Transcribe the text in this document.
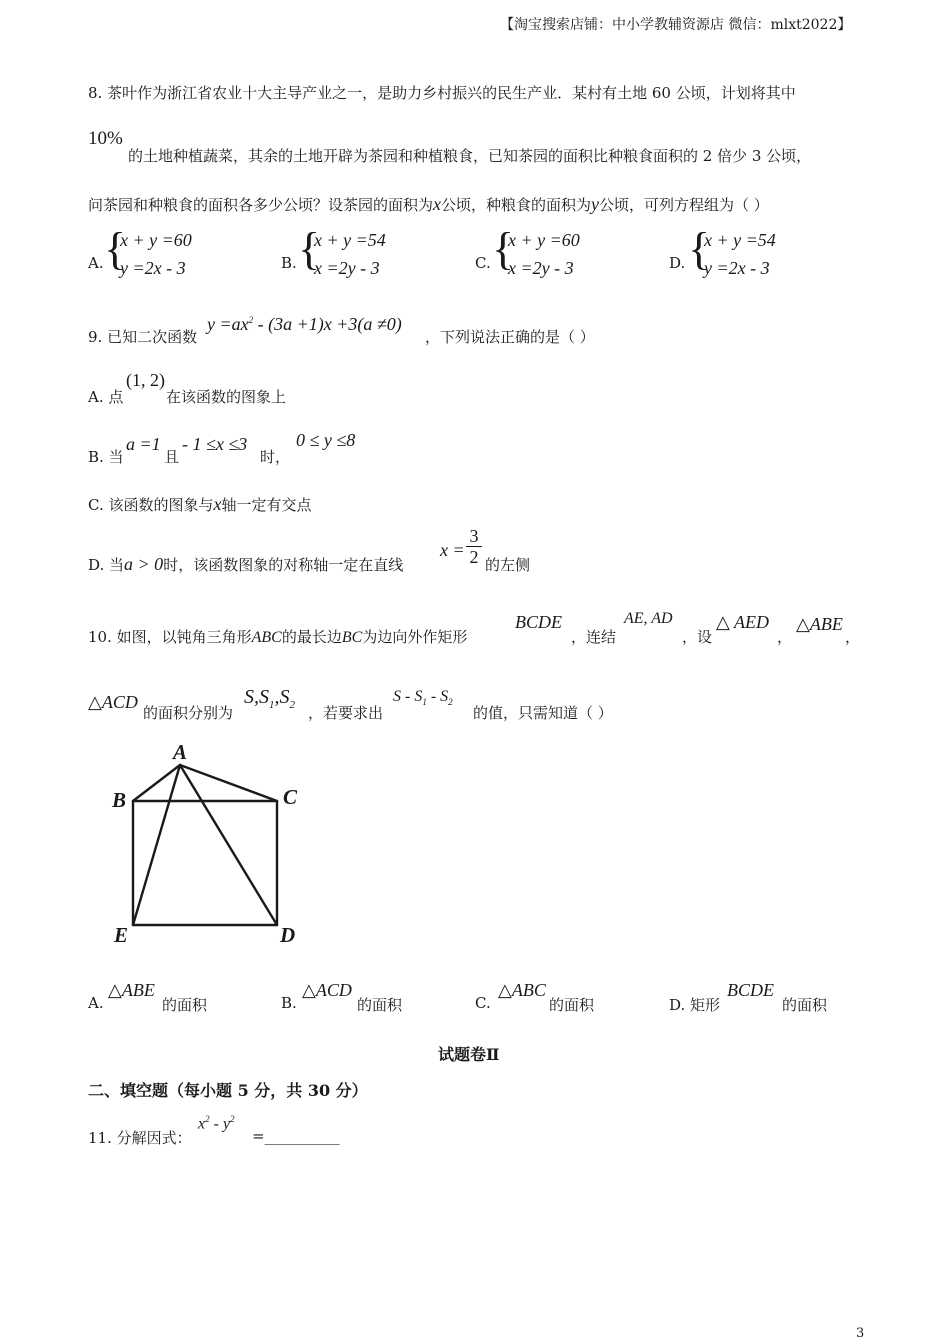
【淘宝搜索店铺：中小学教辅资源店 微信：mlxt2022】
8. 茶叶作为浙江省农业十大主导产业之一，是助力乡村振兴的民生产业．某村有土地 60 公顷，计划将其中
10%
的土地种植蔬菜，其余的土地开辟为茶园和种植粮食，已知茶园的面积比种粮食面积的 2 倍少 3 公顷，
问茶园和种粮食的面积各多少公顷？设茶园的面积为x公顷，种粮食的面积为y公顷，可列方程组为（ ）
A. {
x + y =60
y =2x - 3	B. {
x + y =54
x =2y - 3	C. {
x + y =60
x =2y - 3	D. {
x + y =54
y =2x - 3
9. 已知二次函数
$y =ax^2 - (3a +1)x +3(a \ne 0)$
，下列说法正确的是（ ）
A. 点
(1, 2)
在该函数的图象上
B. 当
a =1
且
- 1 ≤x ≤3
时，
0 ≤ y ≤8
C. 该函数的图象与x轴一定有交点
D. 当a > 0时，该函数图象的对称轴一定在直线
$x = \frac{3}{2}$ 的左侧
10. 如图，以钝角三角形ABC的最长边BC为边向外作矩形
BCDE
，连结
AE, AD
，设
△ AED
，
△ABE
，
△ACD
的面积分别为
$S,S_1,S_2$ ，若要求出
S - $S_1 - S_2$
的值，只需知道（ ）
A
B	C
D
E
A.
△ABE
的面积	B.
△ACD
的面积	C.
△ABC
的面积	D. 矩形
BCDE
的面积
试题卷Ⅱ
二、填空题（每小题 5 分，共 30 分）
11. 分解因式：
$x^2 - y^2$
=__________
3
